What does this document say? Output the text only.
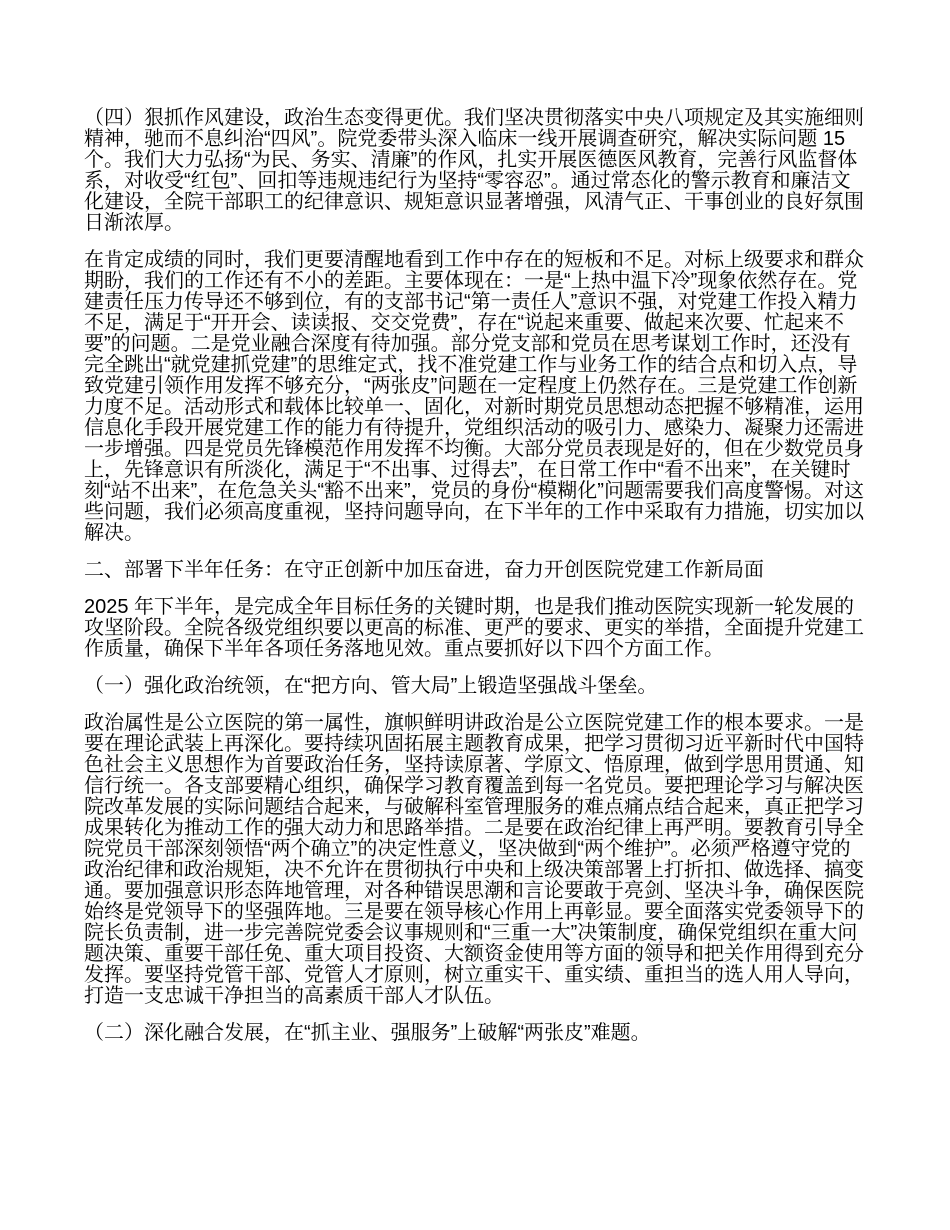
（四）狠抓作风建设，政治生态变得更优。我们坚决贯彻落实中央八项规定及其实施细则精神，驰而不息纠治“四风”。院党委带头深入临床一线开展调查研究，解决实际问题 15 个。我们大力弘扬“为民、务实、清廉”的作风，扎实开展医德医风教育，完善行风监督体系，对收受“红包”、回扣等违规违纪行为坚持“零容忍”。通过常态化的警示教育和廉洁文化建设，全院干部职工的纪律意识、规矩意识显著增强，风清气正、干事创业的良好氛围日渐浓厚。

在肯定成绩的同时，我们更要清醒地看到工作中存在的短板和不足。对标上级要求和群众期盼，我们的工作还有不小的差距。主要体现在：一是“上热中温下冷”现象依然存在。党建责任压力传导还不够到位，有的支部书记“第一责任人”意识不强，对党建工作投入精力不足，满足于“开开会、读读报、交交党费”，存在“说起来重要、做起来次要、忙起来不要”的问题。二是党业融合深度有待加强。部分党支部和党员在思考谋划工作时，还没有完全跳出“就党建抓党建”的思维定式，找不准党建工作与业务工作的结合点和切入点，导致党建引领作用发挥不够充分，“两张皮”问题在一定程度上仍然存在。三是党建工作创新力度不足。活动形式和载体比较单一、固化，对新时期党员思想动态把握不够精准，运用信息化手段开展党建工作的能力有待提升，党组织活动的吸引力、感染力、凝聚力还需进一步增强。四是党员先锋模范作用发挥不均衡。大部分党员表现是好的，但在少数党员身上，先锋意识有所淡化，满足于“不出事、过得去”，在日常工作中“看不出来”，在关键时刻“站不出来”，在危急关头“豁不出来”，党员的身份“模糊化”问题需要我们高度警惕。对这些问题，我们必须高度重视，坚持问题导向，在下半年的工作中采取有力措施，切实加以解决。

二、部署下半年任务：在守正创新中加压奋进，奋力开创医院党建工作新局面

2025 年下半年，是完成全年目标任务的关键时期，也是我们推动医院实现新一轮发展的攻坚阶段。全院各级党组织要以更高的标准、更严的要求、更实的举措，全面提升党建工作质量，确保下半年各项任务落地见效。重点要抓好以下四个方面工作。

（一）强化政治统领，在“把方向、管大局”上锻造坚强战斗堡垒。

政治属性是公立医院的第一属性，旗帜鲜明讲政治是公立医院党建工作的根本要求。一是要在理论武装上再深化。要持续巩固拓展主题教育成果，把学习贯彻习近平新时代中国特色社会主义思想作为首要政治任务，坚持读原著、学原文、悟原理，做到学思用贯通、知信行统一。各支部要精心组织，确保学习教育覆盖到每一名党员。要把理论学习与解决医院改革发展的实际问题结合起来，与破解科室管理服务的难点痛点结合起来，真正把学习成果转化为推动工作的强大动力和思路举措。二是要在政治纪律上再严明。要教育引导全院党员干部深刻领悟“两个确立”的决定性意义，坚决做到“两个维护”。必须严格遵守党的政治纪律和政治规矩，决不允许在贯彻执行中央和上级决策部署上打折扣、做选择、搞变通。要加强意识形态阵地管理，对各种错误思潮和言论要敢于亮剑、坚决斗争，确保医院始终是党领导下的坚强阵地。三是要在领导核心作用上再彰显。要全面落实党委领导下的院长负责制，进一步完善院党委会议事规则和“三重一大”决策制度，确保党组织在重大问题决策、重要干部任免、重大项目投资、大额资金使用等方面的领导和把关作用得到充分发挥。要坚持党管干部、党管人才原则，树立重实干、重实绩、重担当的选人用人导向，打造一支忠诚干净担当的高素质干部人才队伍。

（二）深化融合发展，在“抓主业、强服务”上破解“两张皮”难题。
